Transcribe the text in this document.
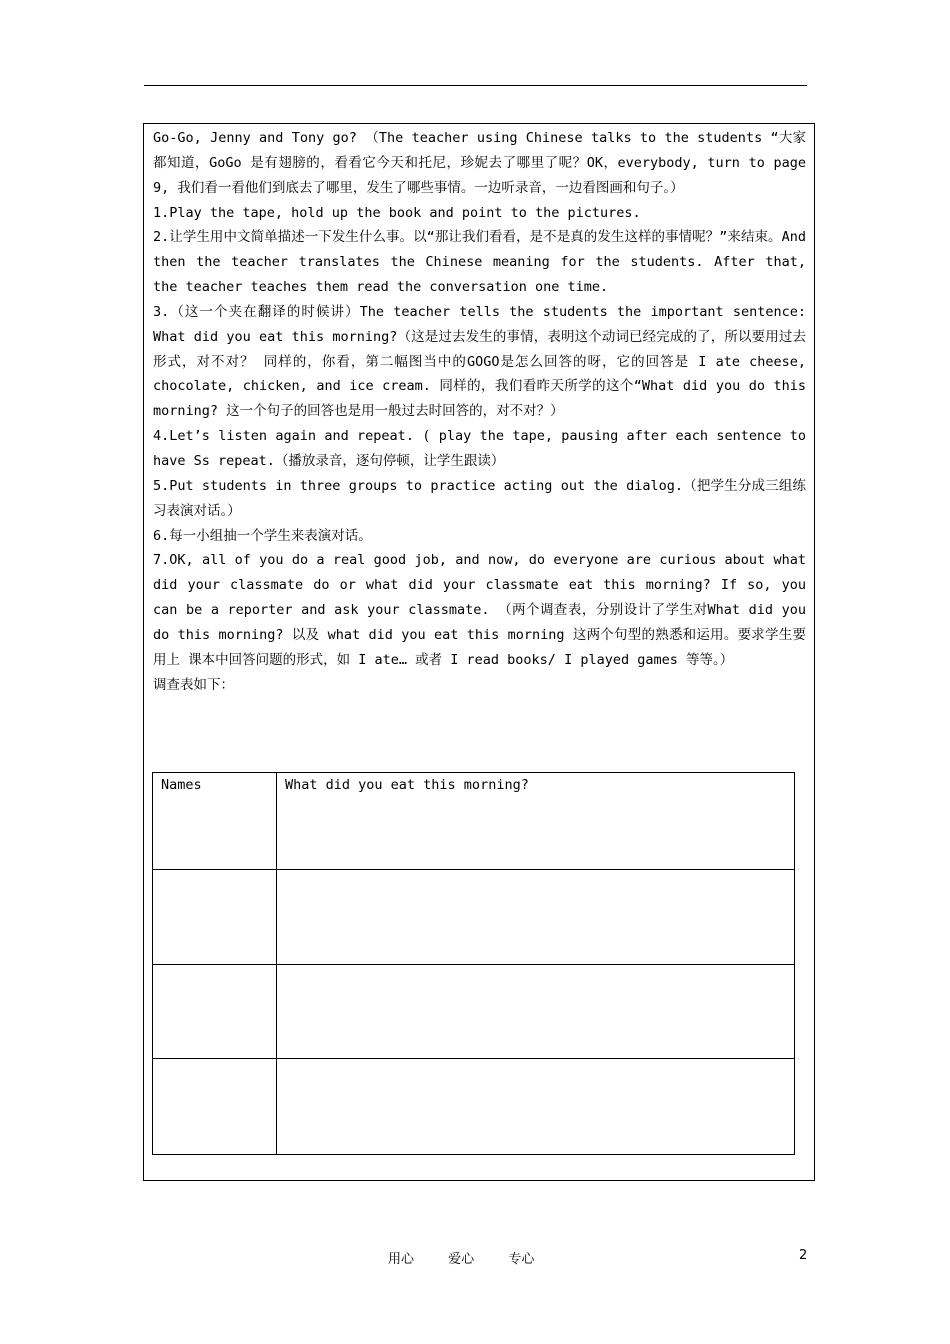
Go-Go, Jenny and Tony go? （The teacher using Chinese talks to the students “大家都知道，GoGo 是有翅膀的，看看它今天和托尼，珍妮去了哪里了呢？OK，everybody, turn to page 9, 我们看一看他们到底去了哪里，发生了哪些事情。一边听录音，一边看图画和句子。）

1.Play the tape, hold up the book and point to the pictures.

2.让学生用中文简单描述一下发生什么事。以“那让我们看看，是不是真的发生这样的事情呢？”来结束。And then the teacher translates the Chinese meaning for the students. After that, the teacher teaches them read the conversation one time.

3.（这一个夹在翻译的时候讲）The teacher tells the students the important sentence: What did you eat this morning?（这是过去发生的事情，表明这个动词已经完成的了，所以要用过去形式，对不对？ 同样的，你看，第二幅图当中的GOGO是怎么回答的呀，它的回答是 I ate cheese, chocolate, chicken, and ice cream. 同样的，我们看昨天所学的这个“What did you do this morning? 这一个句子的回答也是用一般过去时回答的，对不对？）

4.Let’s listen again and repeat. ( play the tape, pausing after each sentence to have Ss repeat.（播放录音，逐句停顿，让学生跟读）

5.Put students in three groups to practice acting out the dialog.（把学生分成三组练习表演对话。）

6.每一小组抽一个学生来表演对话。

7.OK, all of you do a real good job, and now, do everyone are curious about what did your classmate do or what did your classmate eat this morning? If so, you can be a reporter and ask your classmate. （两个调查表，分别设计了学生对What did you do this morning? 以及 what did you eat this morning 这两个句型的熟悉和运用。要求学生要用上 课本中回答问题的形式，如 I ate… 或者 I read books/ I played games 等等。）

调查表如下：

Names	What did you eat this morning?

用心	爱心	专心	2
